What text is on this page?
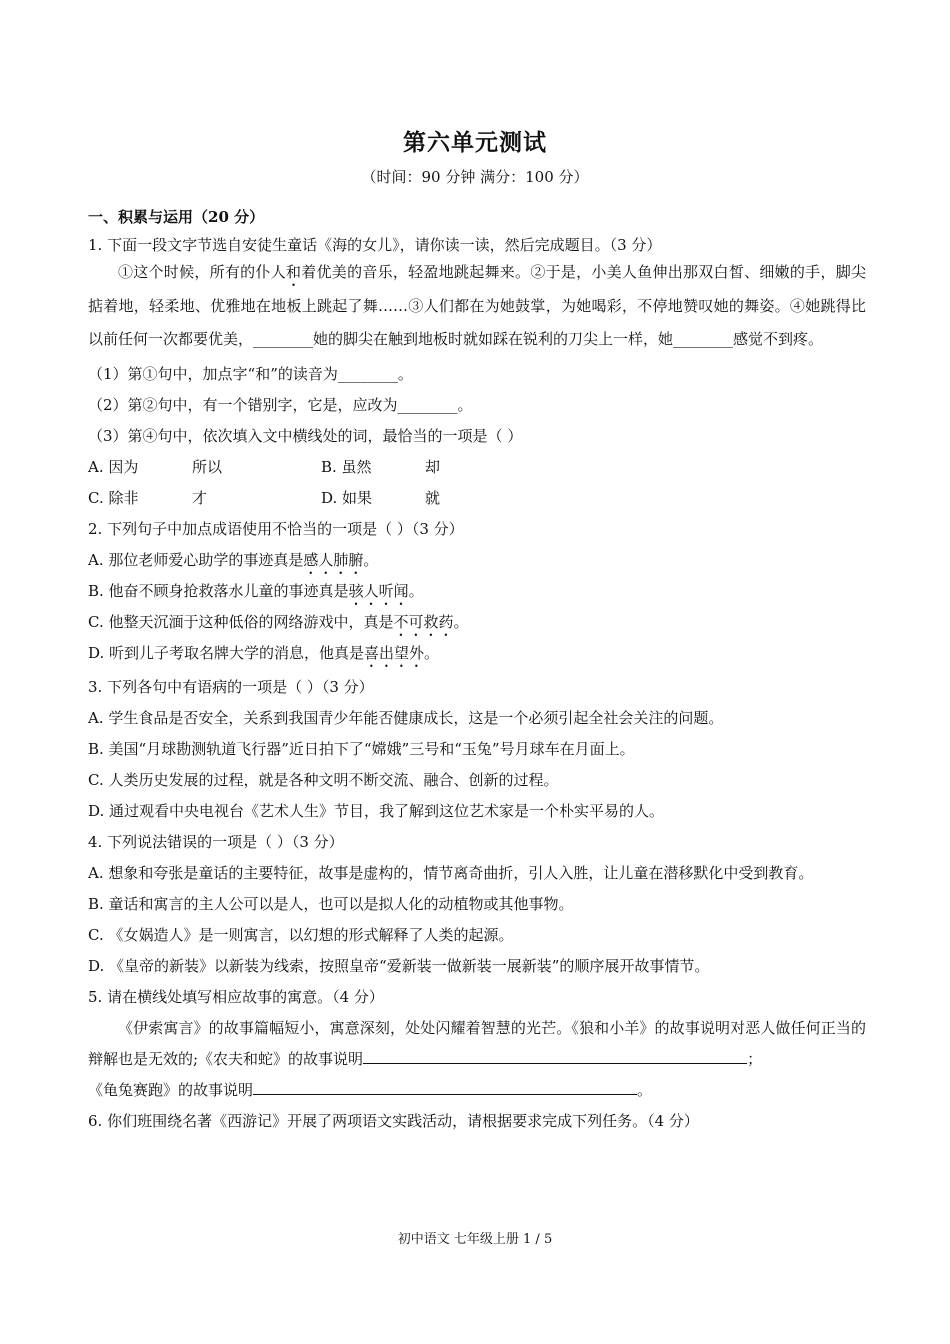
第六单元测试
（时间：90 分钟 满分：100 分）

一、积累与运用（20 分）

1. 下面一段文字节选自安徒生童话《海的女儿》，请你读一读，然后完成题目。（3 分）

①这个时候，所有的仆人和着优美的音乐，轻盈地跳起舞来。②于是，小美人鱼伸出那双白皙、细嫩的手，脚尖掂着地，轻柔地、优雅地在地板上跳起了舞……③人们都在为她鼓掌，为她喝彩，不停地赞叹她的舞姿。④她跳得比以前任何一次都要优美，________她的脚尖在触到地板时就如踩在锐利的刀尖上一样，她________感觉不到疼。

（1）第①句中，加点字“和”的读音为________。

（2）第②句中，有一个错别字，它是，应改为________。

（3）第④句中，依次填入文中横线处的词，最恰当的一项是（ ）

A. 因为	所以	B. 虽然	却
C. 除非	才	D. 如果	就

2. 下列句子中加点成语使用不恰当的一项是（ ）（3 分）

A. 那位老师爱心助学的事迹真是感人肺腑。

B. 他奋不顾身抢救落水儿童的事迹真是骇人听闻。

C. 他整天沉湎于这种低俗的网络游戏中，真是不可救药。

D. 听到儿子考取名牌大学的消息，他真是喜出望外。

3. 下列各句中有语病的一项是（ ）（3 分）

A. 学生食品是否安全，关系到我国青少年能否健康成长，这是一个必须引起全社会关注的问题。

B. 美国“月球勘测轨道飞行器”近日拍下了“嫦娥”三号和“玉兔”号月球车在月面上。

C. 人类历史发展的过程，就是各种文明不断交流、融合、创新的过程。

D. 通过观看中央电视台《艺术人生》节目，我了解到这位艺术家是一个朴实平易的人。

4. 下列说法错误的一项是（ ）（3 分）

A. 想象和夸张是童话的主要特征，故事是虚构的，情节离奇曲折，引人入胜，让儿童在潜移默化中受到教育。

B. 童话和寓言的主人公可以是人，也可以是拟人化的动植物或其他事物。

C. 《女娲造人》是一则寓言，以幻想的形式解释了人类的起源。

D. 《皇帝的新装》以新装为线索，按照皇帝“爱新装一做新装一展新装”的顺序展开故事情节。

5. 请在横线处填写相应故事的寓意。（4 分）

《伊索寓言》的故事篇幅短小，寓意深刻，处处闪耀着智慧的光芒。《狼和小羊》的故事说明对恶人做任何正当的辩解也是无效的;《农夫和蛇》的故事说明	；

《龟兔赛跑》的故事说明	。

6. 你们班围绕名著《西游记》开展了两项语文实践活动，请根据要求完成下列任务。（4 分）

初中语文 七年级上册 1 / 5
